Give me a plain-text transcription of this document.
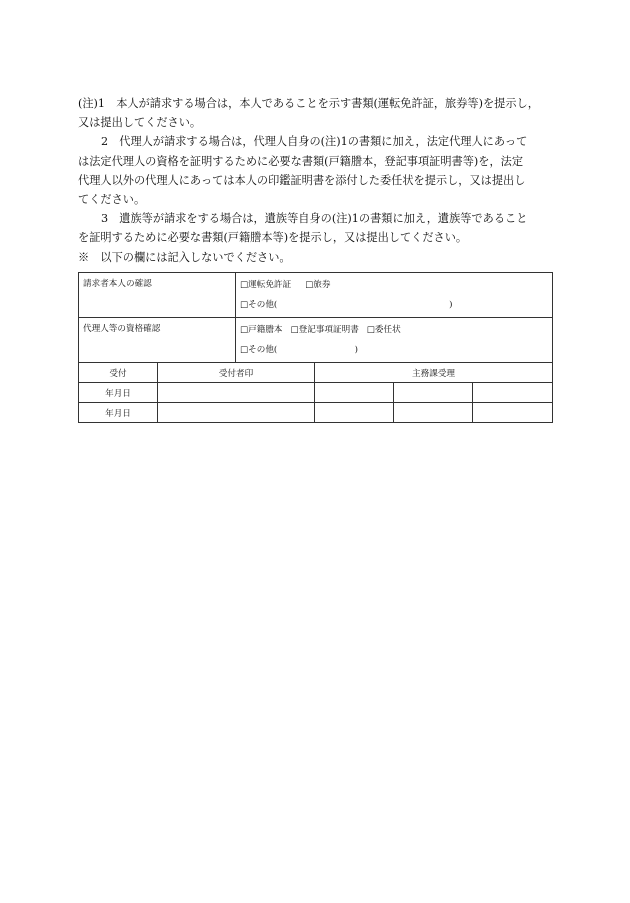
(注)1　本人が請求する場合は，本人であることを示す書類(運転免許証，旅券等)を提示し，

又は提出してください。

2　代理人が請求する場合は，代理人自身の(注)1の書類に加え，法定代理人にあって

は法定代理人の資格を証明するために必要な書類(戸籍謄本，登記事項証明書等)を，法定

代理人以外の代理人にあっては本人の印鑑証明書を添付した委任状を提示し，又は提出し

てください。

3　遺族等が請求をする場合は，遺族等自身の(注)1の書類に加え，遺族等であること

を証明するために必要な書類(戸籍謄本等)を提示し，又は提出してください。

※　以下の欄には記入しないでください。

請求者本人の確認		□運転免許証 □旅券
□その他(　　　　　　　　　　　　　　　　　　　　)			

代理人等の資格確認		□戸籍謄本 □登記事項証明書 □委任状
□その他(　　　　　　　　　)			

受付	受付者印		主務課受理		
年月日					
年月日					
